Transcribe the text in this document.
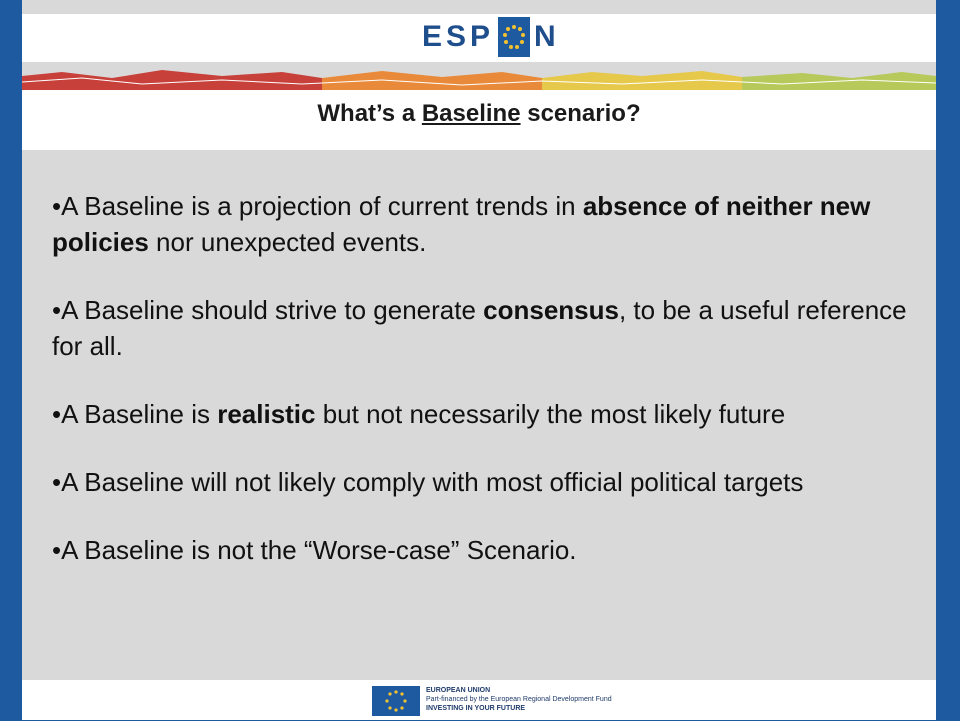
ESP N
What’s a Baseline scenario?

•A Baseline is a projection of current trends in absence of neither new policies nor unexpected events.

•A Baseline should strive to generate consensus, to be a useful reference for all.

•A Baseline is realistic but not necessarily the most likely future

•A Baseline will not likely comply with most official political targets

•A Baseline is not the “Worse-case” Scenario.

EUROPEAN UNION
Part-financed by the European Regional Development Fund
INVESTING IN YOUR FUTURE
